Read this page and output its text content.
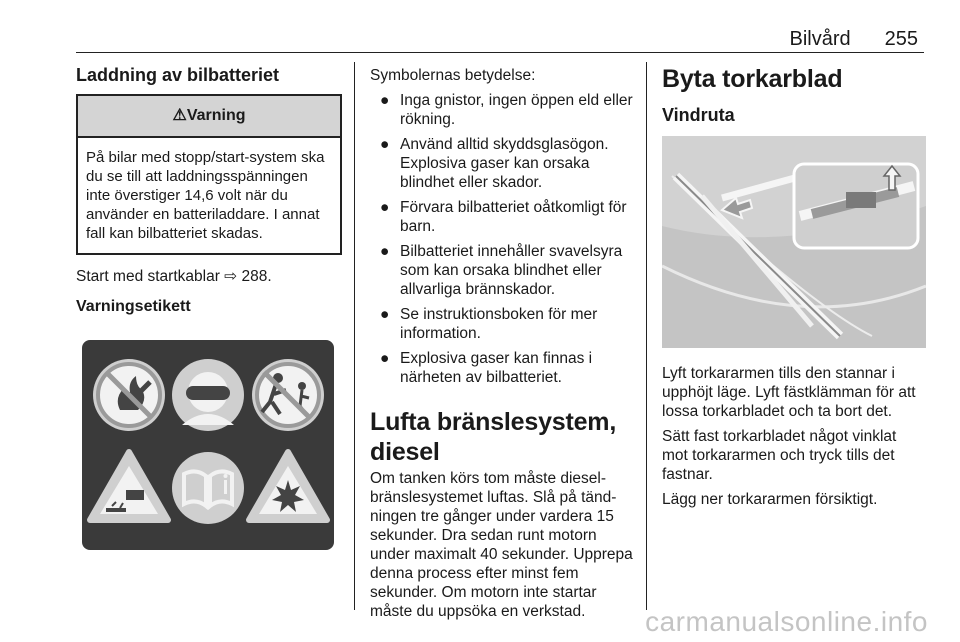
Bilvård 255
Laddning av bilbatteriet
⚠Varning
På bilar med stopp/start-system ska du se till att laddningsspänningen inte överstiger 14,6 volt när du använder en batteriladdare. I annat fall kan bilbatteriet skadas.

Start med startkablar ⇨ 288.

Varningsetikett

Symbolernas betydelse:

● Inga gnistor, ingen öppen eld eller rökning.
● Använd alltid skyddsglasögon. Explosiva gaser kan orsaka blindhet eller skador.
● Förvara bilbatteriet oåtkomligt för barn.
● Bilbatteriet innehåller svavelsyra som kan orsaka blindhet eller allvarliga brännskador.
● Se instruktionsboken för mer information.
● Explosiva gaser kan finnas i närheten av bilbatteriet.
Lufta bränslesystem, diesel

Om tanken körs tom måste dieselbränslesystemet luftas. Slå på tändningen tre gånger under vardera 15 sekunder. Dra sedan runt motorn under maximalt 40 sekunder. Upprepa denna process efter minst fem sekunder. Om motorn inte startar måste du uppsöka en verkstad.

Byta torkarblad
Vindruta

Lyft torkararmen tills den stannar i upphöjt läge. Lyft fästklämman för att lossa torkarbladet och ta bort det.

Sätt fast torkarbladet något vinklat mot torkararmen och tryck tills det fastnar.

Lägg ner torkararmen försiktigt.

carmanualsonline.info
